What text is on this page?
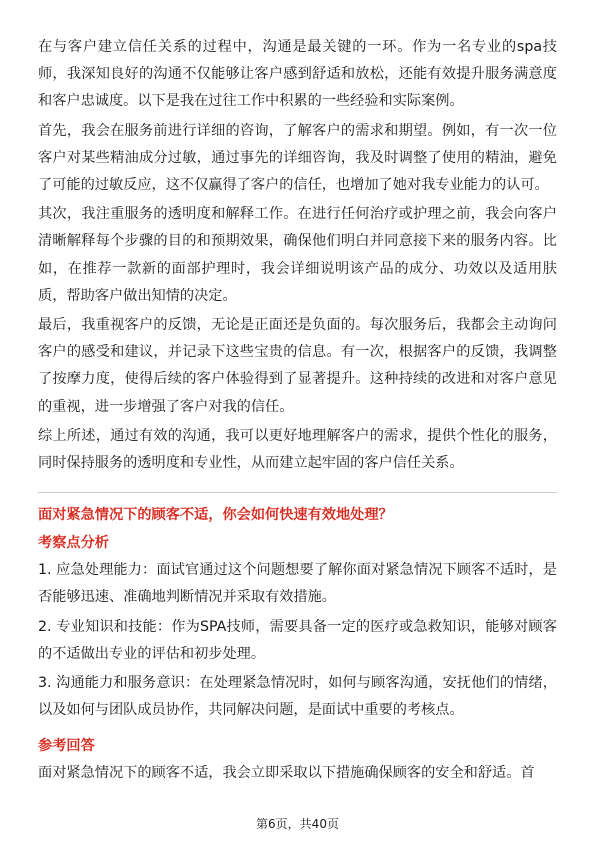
在与客户建立信任关系的过程中，沟通是最关键的一环。作为一名专业的spa技师，我深知良好的沟通不仅能够让客户感到舒适和放松，还能有效提升服务满意度和客户忠诚度。以下是我在过往工作中积累的一些经验和实际案例。

首先，我会在服务前进行详细的咨询，了解客户的需求和期望。例如，有一次一位客户对某些精油成分过敏，通过事先的详细咨询，我及时调整了使用的精油，避免了可能的过敏反应，这不仅赢得了客户的信任，也增加了她对我专业能力的认可。

其次，我注重服务的透明度和解释工作。在进行任何治疗或护理之前，我会向客户清晰解释每个步骤的目的和预期效果，确保他们明白并同意接下来的服务内容。比如，在推荐一款新的面部护理时，我会详细说明该产品的成分、功效以及适用肤质，帮助客户做出知情的决定。

最后，我重视客户的反馈，无论是正面还是负面的。每次服务后，我都会主动询问客户的感受和建议，并记录下这些宝贵的信息。有一次，根据客户的反馈，我调整了按摩力度，使得后续的客户体验得到了显著提升。这种持续的改进和对客户意见的重视，进一步增强了客户对我的信任。

综上所述，通过有效的沟通，我可以更好地理解客户的需求，提供个性化的服务，同时保持服务的透明度和专业性，从而建立起牢固的客户信任关系。

面对紧急情况下的顾客不适，你会如何快速有效地处理？
考察点分析

1. 应急处理能力：面试官通过这个问题想要了解你面对紧急情况下顾客不适时，是否能够迅速、准确地判断情况并采取有效措施。

2. 专业知识和技能：作为SPA技师，需要具备一定的医疗或急救知识，能够对顾客的不适做出专业的评估和初步处理。

3. 沟通能力和服务意识：在处理紧急情况时，如何与顾客沟通，安抚他们的情绪，以及如何与团队成员协作，共同解决问题，是面试中重要的考核点。

参考回答

面对紧急情况下的顾客不适，我会立即采取以下措施确保顾客的安全和舒适。首

第6页，共40页
